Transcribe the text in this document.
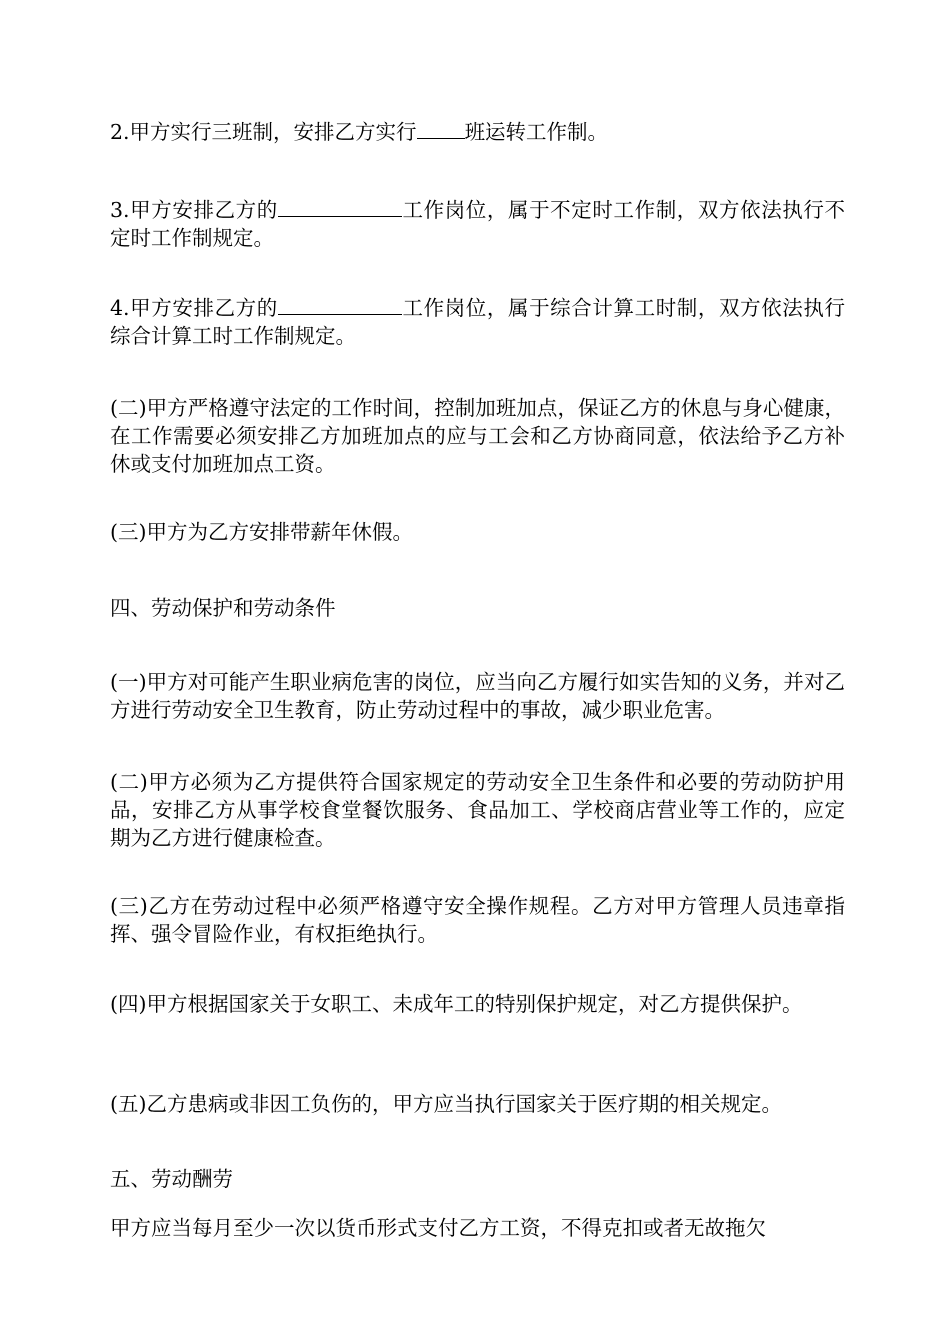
2.甲方实行三班制，安排乙方实行 班运转工作制。

3.甲方安排乙方的	工作岗位，属于不定时工作制，双方依法执行不定时工作制规定。

4.甲方安排乙方的	工作岗位，属于综合计算工时制，双方依法执行综合计算工时工作制规定。

(二)甲方严格遵守法定的工作时间，控制加班加点，保证乙方的休息与身心健康，在工作需要必须安排乙方加班加点的应与工会和乙方协商同意，依法给予乙方补休或支付加班加点工资。

(三)甲方为乙方安排带薪年休假。

四、劳动保护和劳动条件

(一)甲方对可能产生职业病危害的岗位，应当向乙方履行如实告知的义务，并对乙方进行劳动安全卫生教育，防止劳动过程中的事故，减少职业危害。

(二)甲方必须为乙方提供符合国家规定的劳动安全卫生条件和必要的劳动防护用品，安排乙方从事学校食堂餐饮服务、食品加工、学校商店营业等工作的，应定期为乙方进行健康检查。

(三)乙方在劳动过程中必须严格遵守安全操作规程。乙方对甲方管理人员违章指挥、强令冒险作业，有权拒绝执行。

(四)甲方根据国家关于女职工、未成年工的特别保护规定，对乙方提供保护。

(五)乙方患病或非因工负伤的，甲方应当执行国家关于医疗期的相关规定。

五、劳动酬劳

甲方应当每月至少一次以货币形式支付乙方工资，不得克扣或者无故拖欠
